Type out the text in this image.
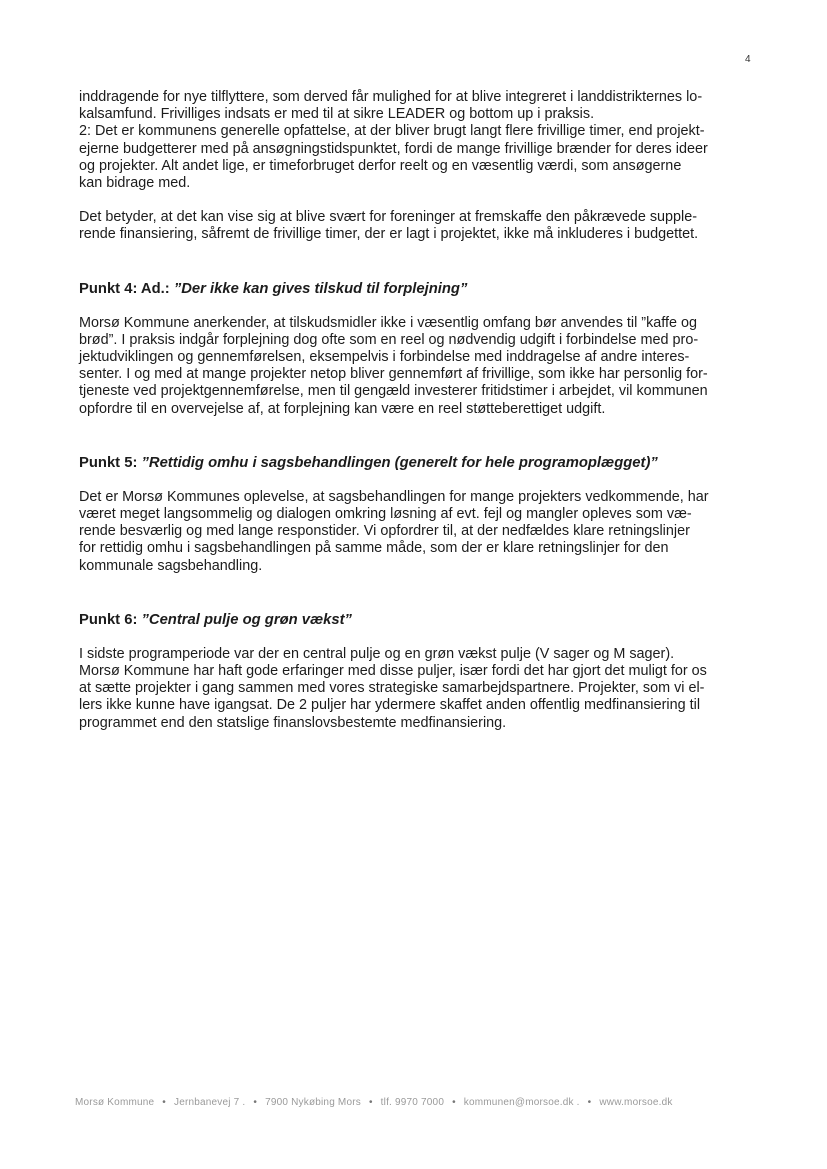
4

inddragende for nye tilflyttere, som derved får mulighed for at blive integreret i landdistrikternes lo-

kalsamfund. Frivilliges indsats er med til at sikre LEADER og bottom up i praksis.

2: Det er kommunens generelle opfattelse, at der bliver brugt langt flere frivillige timer, end projekt-

ejerne budgetterer med på ansøgningstidspunktet, fordi de mange frivillige brænder for deres ideer

og projekter. Alt andet lige, er timeforbruget derfor reelt og en væsentlig værdi, som ansøgerne

kan bidrage med.

Det betyder, at det kan vise sig at blive svært for foreninger at fremskaffe den påkrævede supple-

rende finansiering, såfremt de frivillige timer, der er lagt i projektet, ikke må inkluderes i budgettet.

Punkt 4: Ad.: ”Der ikke kan gives tilskud til forplejning”

Morsø Kommune anerkender, at tilskudsmidler ikke i væsentlig omfang bør anvendes til ”kaffe og

brød”. I praksis indgår forplejning dog ofte som en reel og nødvendig udgift i forbindelse med pro-

jektudviklingen og gennemførelsen, eksempelvis i forbindelse med inddragelse af andre interes-

senter. I og med at mange projekter netop bliver gennemført af frivillige, som ikke har personlig for-

tjeneste ved projektgennemførelse, men til gengæld investerer fritidstimer i arbejdet, vil kommunen

opfordre til en overvejelse af, at forplejning kan være en reel støtteberettiget udgift.

Punkt 5: ”Rettidig omhu i sagsbehandlingen (generelt for hele programoplægget)”

Det er Morsø Kommunes oplevelse, at sagsbehandlingen for mange projekters vedkommende, har

været meget langsommelig og dialogen omkring løsning af evt. fejl og mangler opleves som væ-

rende besværlig og med lange responstider. Vi opfordrer til, at der nedfældes klare retningslinjer

for rettidig omhu i sagsbehandlingen på samme måde, som der er klare retningslinjer for den

kommunale sagsbehandling.

Punkt 6: ”Central pulje og grøn vækst”

I sidste programperiode var der en central pulje og en grøn vækst pulje (V sager og M sager).

Morsø Kommune har haft gode erfaringer med disse puljer, især fordi det har gjort det muligt for os

at sætte projekter i gang sammen med vores strategiske samarbejdspartnere. Projekter, som vi el-

lers ikke kunne have igangsat. De 2 puljer har ydermere skaffet anden offentlig medfinansiering til

programmet end den statslige finanslovsbestemte medfinansiering.

Morsø Kommune • Jernbanevej 7 . • 7900 Nykøbing Mors • tlf. 9970 7000 • kommunen@morsoe.dk . • www.morsoe.dk
